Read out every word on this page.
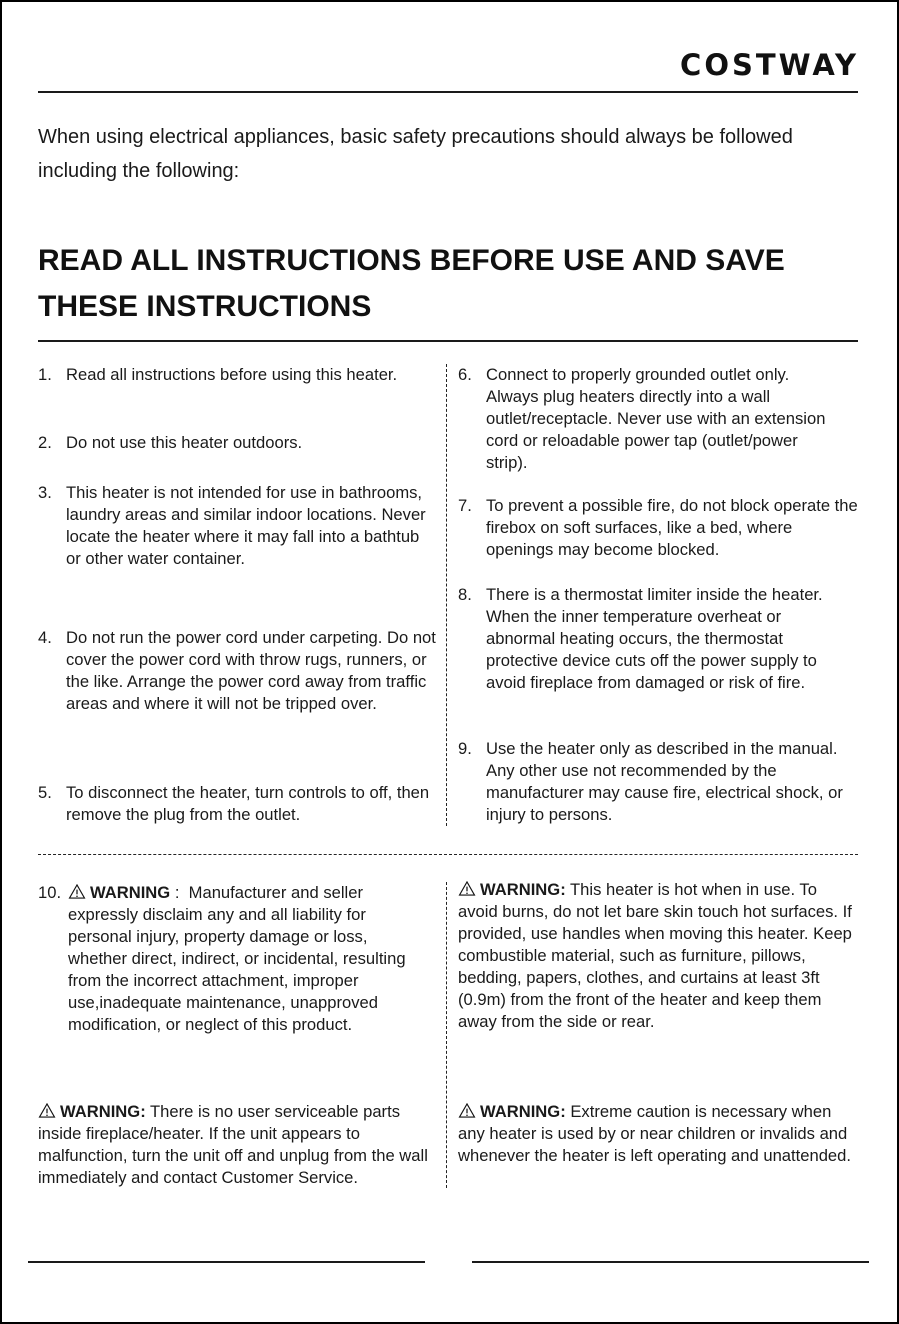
COSTWAY
When using electrical appliances, basic safety precautions should always be followed including the following:
READ ALL INSTRUCTIONS BEFORE USE AND SAVE
THESE INSTRUCTIONS
1. Read all instructions before using this heater.
2. Do not use this heater outdoors.
3. This heater is not intended for use in bathrooms, laundry areas and similar indoor locations. Never locate the heater where it may fall into a bathtub or other water container.
4. Do not run the power cord under carpeting. Do not cover the power cord with throw rugs, runners, or the like. Arrange the power cord away from traffic areas and where it will not be tripped over.
5. To disconnect the heater, turn controls to off, then remove the plug from the outlet.
6. Connect to properly grounded outlet only. Always plug heaters directly into a wall outlet/receptacle. Never use with an extension cord or reloadable power tap (outlet/power strip).
7. To prevent a possible fire, do not block operate the firebox on soft surfaces, like a bed, where openings may become blocked.
8. There is a thermostat limiter inside the heater. When the inner temperature overheat or abnormal heating occurs, the thermostat protective device cuts off the power supply to avoid fireplace from damaged or risk of fire.
9. Use the heater only as described in the manual. Any other use not recommended by the manufacturer may cause fire, electrical shock, or injury to persons.
10.	WARNING :  Manufacturer and seller expressly disclaim any and all liability for personal injury, property damage or loss, whether direct, indirect, or incidental, resulting from the incorrect attachment, improper use,inadequate maintenance, unapproved modification, or neglect of this product.
WARNING: This heater is hot when in use. To avoid burns, do not let bare skin touch hot surfaces. If provided, use handles when moving this heater. Keep combustible material, such as furniture, pillows, bedding, papers, clothes, and curtains at least 3ft (0.9m) from the front of the heater and keep them away from the side or rear.
WARNING: There is no user serviceable parts inside fireplace/heater. If the unit appears to malfunction, turn the unit off and unplug from the wall immediately and contact Customer Service.
WARNING: Extreme caution is necessary when any heater is used by or near children or invalids and whenever the heater is left operating and unattended.
